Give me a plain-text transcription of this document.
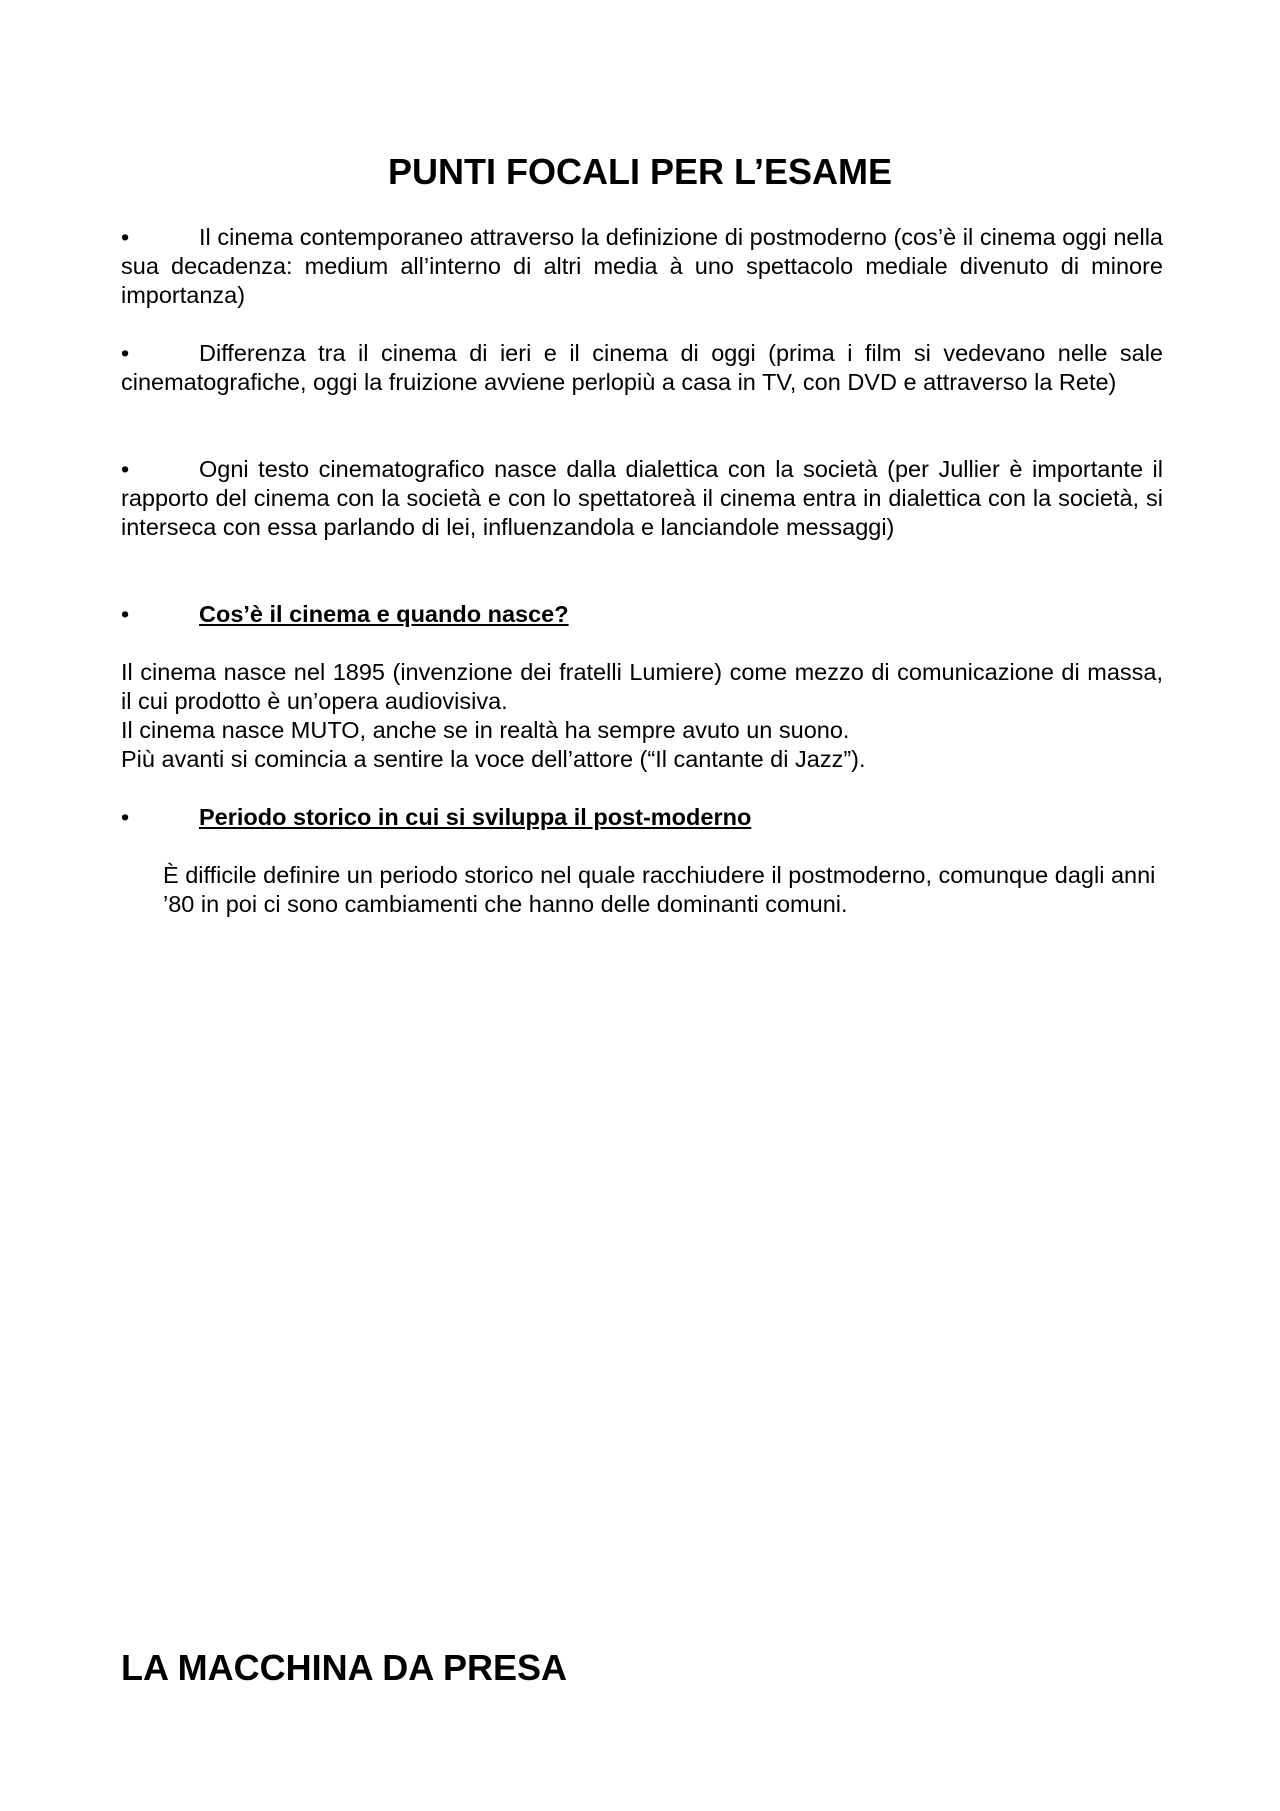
PUNTI FOCALI PER L’ESAME

•	Il cinema contemporaneo attraverso la definizione di postmoderno (cos’è il cinema oggi nella sua decadenza: medium all’interno di altri media à uno spettacolo mediale divenuto di minore importanza)

•	Differenza tra il cinema di ieri e il cinema di oggi (prima i film si vedevano nelle sale cinematografiche, oggi la fruizione avviene perlopiù a casa in TV, con DVD e attraverso la Rete)

•	Ogni testo cinematografico nasce dalla dialettica con la società (per Jullier è importante il rapporto del cinema con la società e con lo spettatoreà il cinema entra in dialettica con la società, si interseca con essa parlando di lei, influenzandola e lanciandole messaggi)

•	Cos’è il cinema e quando nasce?

Il cinema nasce nel 1895 (invenzione dei fratelli Lumiere) come mezzo di comunicazione di massa, il cui prodotto è un’opera audiovisiva.
Il cinema nasce MUTO, anche se in realtà ha sempre avuto un suono.
Più avanti si comincia a sentire la voce dell’attore (“Il cantante di Jazz”).

•	Periodo storico in cui si sviluppa il post-moderno

È difficile definire un periodo storico nel quale racchiudere il postmoderno, comunque dagli anni ’80 in poi ci sono cambiamenti che hanno delle dominanti comuni.

LA MACCHINA DA PRESA
